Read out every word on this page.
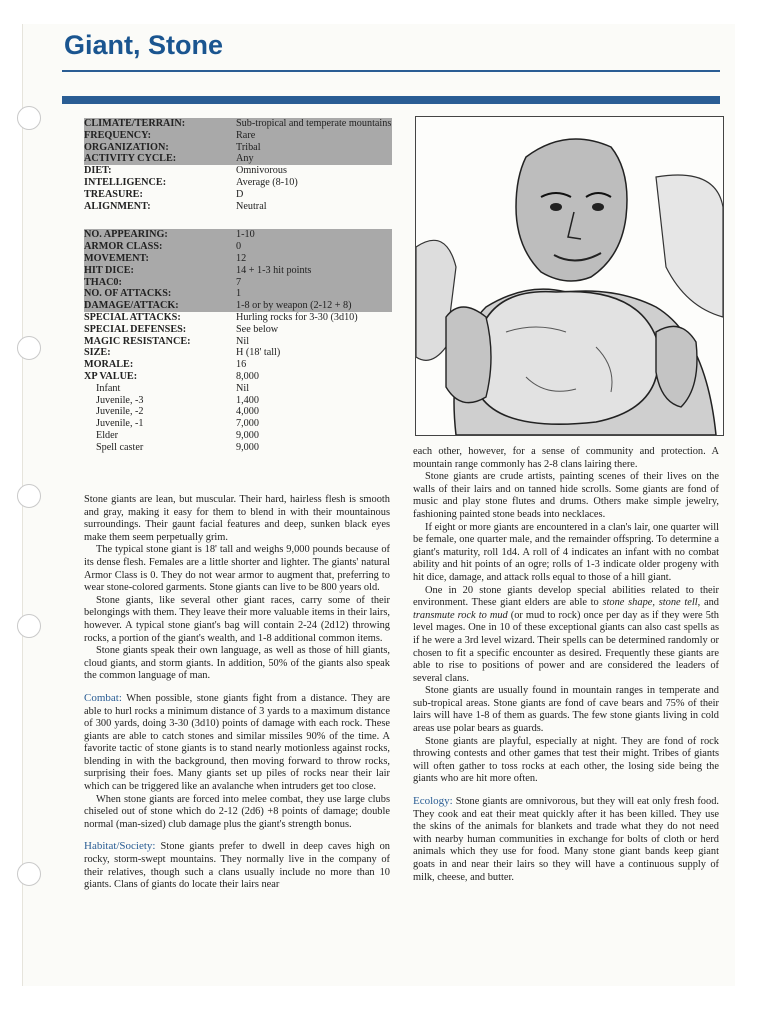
Giant, Stone
CLIMATE/TERRAIN:	Sub-tropical and temperate mountains
FREQUENCY:	Rare
ORGANIZATION:	Tribal
ACTIVITY CYCLE:	Any
DIET:	Omnivorous
INTELLIGENCE:	Average (8-10)
TREASURE:	D
ALIGNMENT:	Neutral
NO. APPEARING:	1-10
ARMOR CLASS:	0
MOVEMENT:	12
HIT DICE:	14 + 1-3 hit points
THAC0:	7
NO. OF ATTACKS:	1
DAMAGE/ATTACK:	1-8 or by weapon (2-12 + 8)
SPECIAL ATTACKS:	Hurling rocks for 3-30 (3d10)
SPECIAL DEFENSES:	See below
MAGIC RESISTANCE:	Nil
SIZE:	H (18' tall)
MORALE:	16
XP VALUE:	8,000
Infant	Nil
Juvenile, -3	1,400
Juvenile, -2	4,000
Juvenile, -1	7,000
Elder	9,000
Spell caster	9,000

Stone giants are lean, but muscular. Their hard, hairless flesh is smooth and gray, making it easy for them to blend in with their mountainous surroundings. Their gaunt facial features and deep, sunken black eyes make them seem perpetually grim.

The typical stone giant is 18' tall and weighs 9,000 pounds because of its dense flesh. Females are a little shorter and lighter. The giants' natural Armor Class is 0. They do not wear armor to augment that, preferring to wear stone-colored garments. Stone giants can live to be 800 years old.

Stone giants, like several other giant races, carry some of their belongings with them. They leave their more valuable items in their lairs, however. A typical stone giant's bag will contain 2-24 (2d12) throwing rocks, a portion of the giant's wealth, and 1-8 additional common items.

Stone giants speak their own language, as well as those of hill giants, cloud giants, and storm giants. In addition, 50% of the giants also speak the common language of man.

Combat: When possible, stone giants fight from a distance. They are able to hurl rocks a minimum distance of 3 yards to a maximum distance of 300 yards, doing 3-30 (3d10) points of damage with each rock. These giants are able to catch stones and similar missiles 90% of the time. A favorite tactic of stone giants is to stand nearly motionless against rocks, blending in with the background, then moving forward to throw rocks, surprising their foes. Many giants set up piles of rocks near their lair which can be triggered like an avalanche when intruders get too close.

When stone giants are forced into melee combat, they use large clubs chiseled out of stone which do 2-12 (2d6) +8 points of damage; double normal (man-sized) club damage plus the giant's strength bonus.

Habitat/Society: Stone giants prefer to dwell in deep caves high on rocky, storm-swept mountains. They normally live in the company of their relatives, though such a clans usually include no more than 10 giants. Clans of giants do locate their lairs near

each other, however, for a sense of community and protection. A mountain range commonly has 2-8 clans lairing there.

Stone giants are crude artists, painting scenes of their lives on the walls of their lairs and on tanned hide scrolls. Some giants are fond of music and play stone flutes and drums. Others make simple jewelry, fashioning painted stone beads into necklaces.

If eight or more giants are encountered in a clan's lair, one quarter will be female, one quarter male, and the remainder offspring. To determine a giant's maturity, roll 1d4. A roll of 4 indicates an infant with no combat ability and hit points of an ogre; rolls of 1-3 indicate older progeny with hit dice, damage, and attack rolls equal to those of a hill giant.

One in 20 stone giants develop special abilities related to their environment. These giant elders are able to stone shape, stone tell, and transmute rock to mud (or mud to rock) once per day as if they were 5th level mages. One in 10 of these exceptional giants can also cast spells as if he were a 3rd level wizard. Their spells can be determined randomly or chosen to fit a specific encounter as desired. Frequently these giants are able to rise to positions of power and are considered the leaders of several clans.

Stone giants are usually found in mountain ranges in temperate and sub-tropical areas. Stone giants are fond of cave bears and 75% of their lairs will have 1-8 of them as guards. The few stone giants living in cold areas use polar bears as guards.

Stone giants are playful, especially at night. They are fond of rock throwing contests and other games that test their might. Tribes of giants will often gather to toss rocks at each other, the losing side being the giants who are hit more often.

Ecology: Stone giants are omnivorous, but they will eat only fresh food. They cook and eat their meat quickly after it has been killed. They use the skins of the animals for blankets and trade what they do not need with nearby human communities in exchange for bolts of cloth or herd animals which they use for food. Many stone giant bands keep giant goats in and near their lairs so they will have a continuous supply of milk, cheese, and butter.
